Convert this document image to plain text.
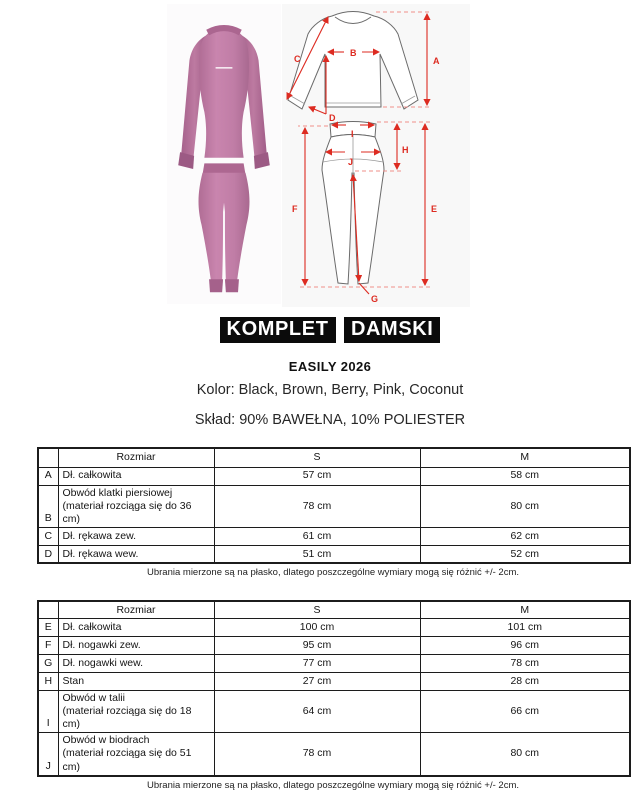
B
C	A
D
I
J
H
F	E
G
KOMPLET DAMSKI
EASILY 2026
Kolor: Black, Brown, Berry, Pink, Coconut
Skład: 90% BAWEŁNA, 10% POLIESTER
	Rozmiar	S	M
A	Dł. całkowita	57 cm	58 cm
B	Obwód klatki piersiowej
(materiał rozciąga się do 36 cm)	78 cm	80 cm
C	Dł. rękawa zew.	61 cm	62 cm
D	Dł. rękawa wew.	51 cm	52 cm
Ubrania mierzone są na płasko, dlatego poszczególne wymiary mogą się różnić +/- 2cm.
	Rozmiar	S	M
E	Dł. całkowita	100 cm	101 cm
F	Dł. nogawki zew.	95 cm	96 cm
G	Dł. nogawki wew.	77 cm	78 cm
H	Stan	27 cm	28 cm
I	Obwód w talii
(materiał rozciąga się do 18 cm)	64 cm	66 cm
J	Obwód w biodrach
(materiał rozciąga się do 51 cm)	78 cm	80 cm
Ubrania mierzone są na płasko, dlatego poszczególne wymiary mogą się różnić +/- 2cm.
